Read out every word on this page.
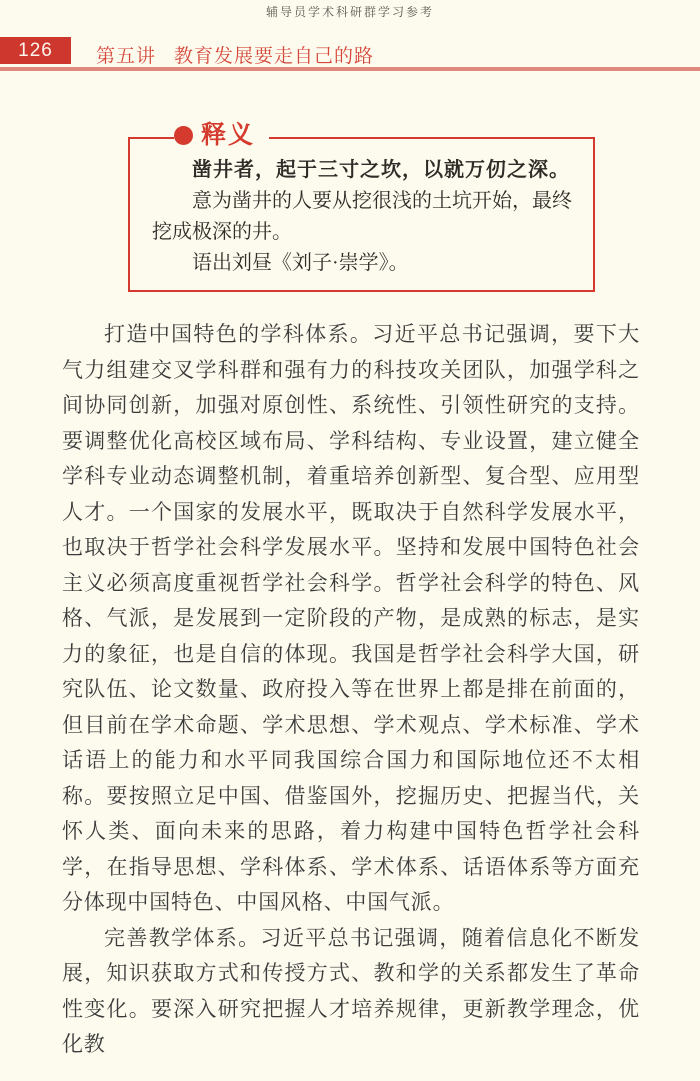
辅导员学术科研群学习参考
126 第五讲 教育发展要走自己的路
释义

凿井者，起于三寸之坎，以就万仞之深。

意为凿井的人要从挖很浅的土坑开始，最终挖成极深的井。

语出刘昼《刘子·崇学》。

打造中国特色的学科体系。习近平总书记强调，要下大气力组建交叉学科群和强有力的科技攻关团队，加强学科之间协同创新，加强对原创性、系统性、引领性研究的支持。要调整优化高校区域布局、学科结构、专业设置，建立健全学科专业动态调整机制，着重培养创新型、复合型、应用型人才。一个国家的发展水平，既取决于自然科学发展水平，也取决于哲学社会科学发展水平。坚持和发展中国特色社会主义必须高度重视哲学社会科学。哲学社会科学的特色、风格、气派，是发展到一定阶段的产物，是成熟的标志，是实力的象征，也是自信的体现。我国是哲学社会科学大国，研究队伍、论文数量、政府投入等在世界上都是排在前面的，但目前在学术命题、学术思想、学术观点、学术标准、学术话语上的能力和水平同我国综合国力和国际地位还不太相称。要按照立足中国、借鉴国外，挖掘历史、把握当代，关怀人类、面向未来的思路，着力构建中国特色哲学社会科学，在指导思想、学科体系、学术体系、话语体系等方面充分体现中国特色、中国风格、中国气派。

完善教学体系。习近平总书记强调，随着信息化不断发展，知识获取方式和传授方式、教和学的关系都发生了革命性变化。要深入研究把握人才培养规律，更新教学理念，优化教
